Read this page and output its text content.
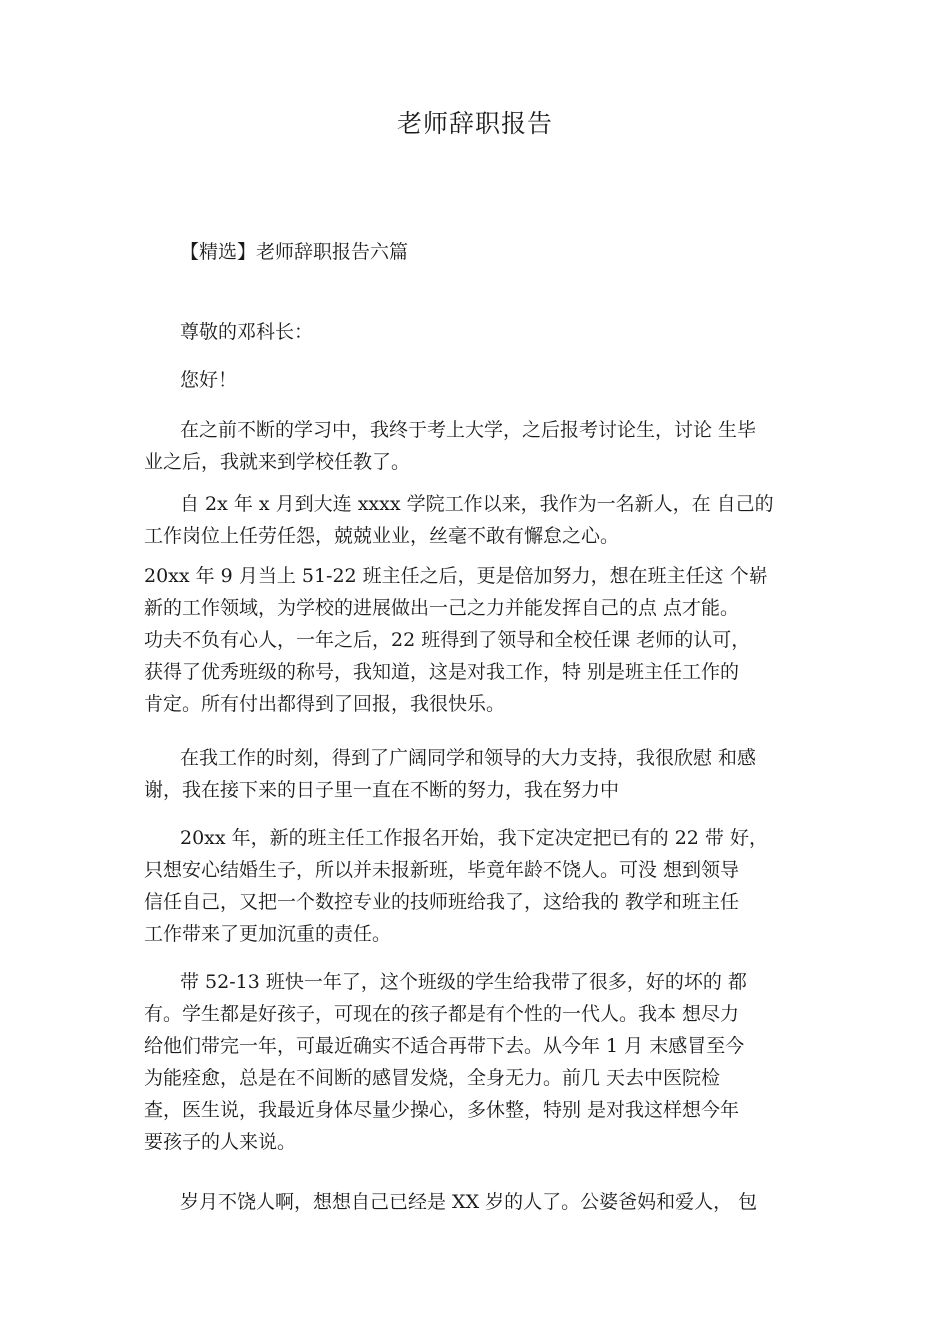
老师辞职报告
【精选】老师辞职报告六篇
尊敬的邓科长：
您好！
在之前不断的学习中，我终于考上大学，之后报考讨论生，讨论 生毕
业之后，我就来到学校任教了。
自 2x 年 x 月到大连 xxxx 学院工作以来，我作为一名新人，在 自己的
工作岗位上任劳任怨，兢兢业业，丝毫不敢有懈怠之心。
20xx 年 9 月当上 51-22 班主任之后，更是倍加努力，想在班主任这 个崭
新的工作领域，为学校的进展做出一己之力并能发挥自己的点 点才能。
功夫不负有心人，一年之后，22 班得到了领导和全校任课 老师的认可，
获得了优秀班级的称号，我知道，这是对我工作，特 别是班主任工作的
肯定。所有付出都得到了回报，我很快乐。
在我工作的时刻，得到了广阔同学和领导的大力支持，我很欣慰 和感
谢，我在接下来的日子里一直在不断的努力，我在努力中
20xx 年，新的班主任工作报名开始，我下定决定把已有的 22 带 好，
只想安心结婚生子，所以并未报新班，毕竟年龄不饶人。可没 想到领导
信任自己，又把一个数控专业的技师班给我了，这给我的 教学和班主任
工作带来了更加沉重的责任。
带 52-13 班快一年了，这个班级的学生给我带了很多，好的坏的 都
有。学生都是好孩子，可现在的孩子都是有个性的一代人。我本 想尽力
给他们带完一年，可最近确实不适合再带下去。从今年 1 月 末感冒至今
为能痊愈，总是在不间断的感冒发烧，全身无力。前几 天去中医院检
查，医生说，我最近身体尽量少操心，多休整，特别 是对我这样想今年
要孩子的人来说。
岁月不饶人啊，想想自己已经是 XX 岁的人了。公婆爸妈和爱人， 包
